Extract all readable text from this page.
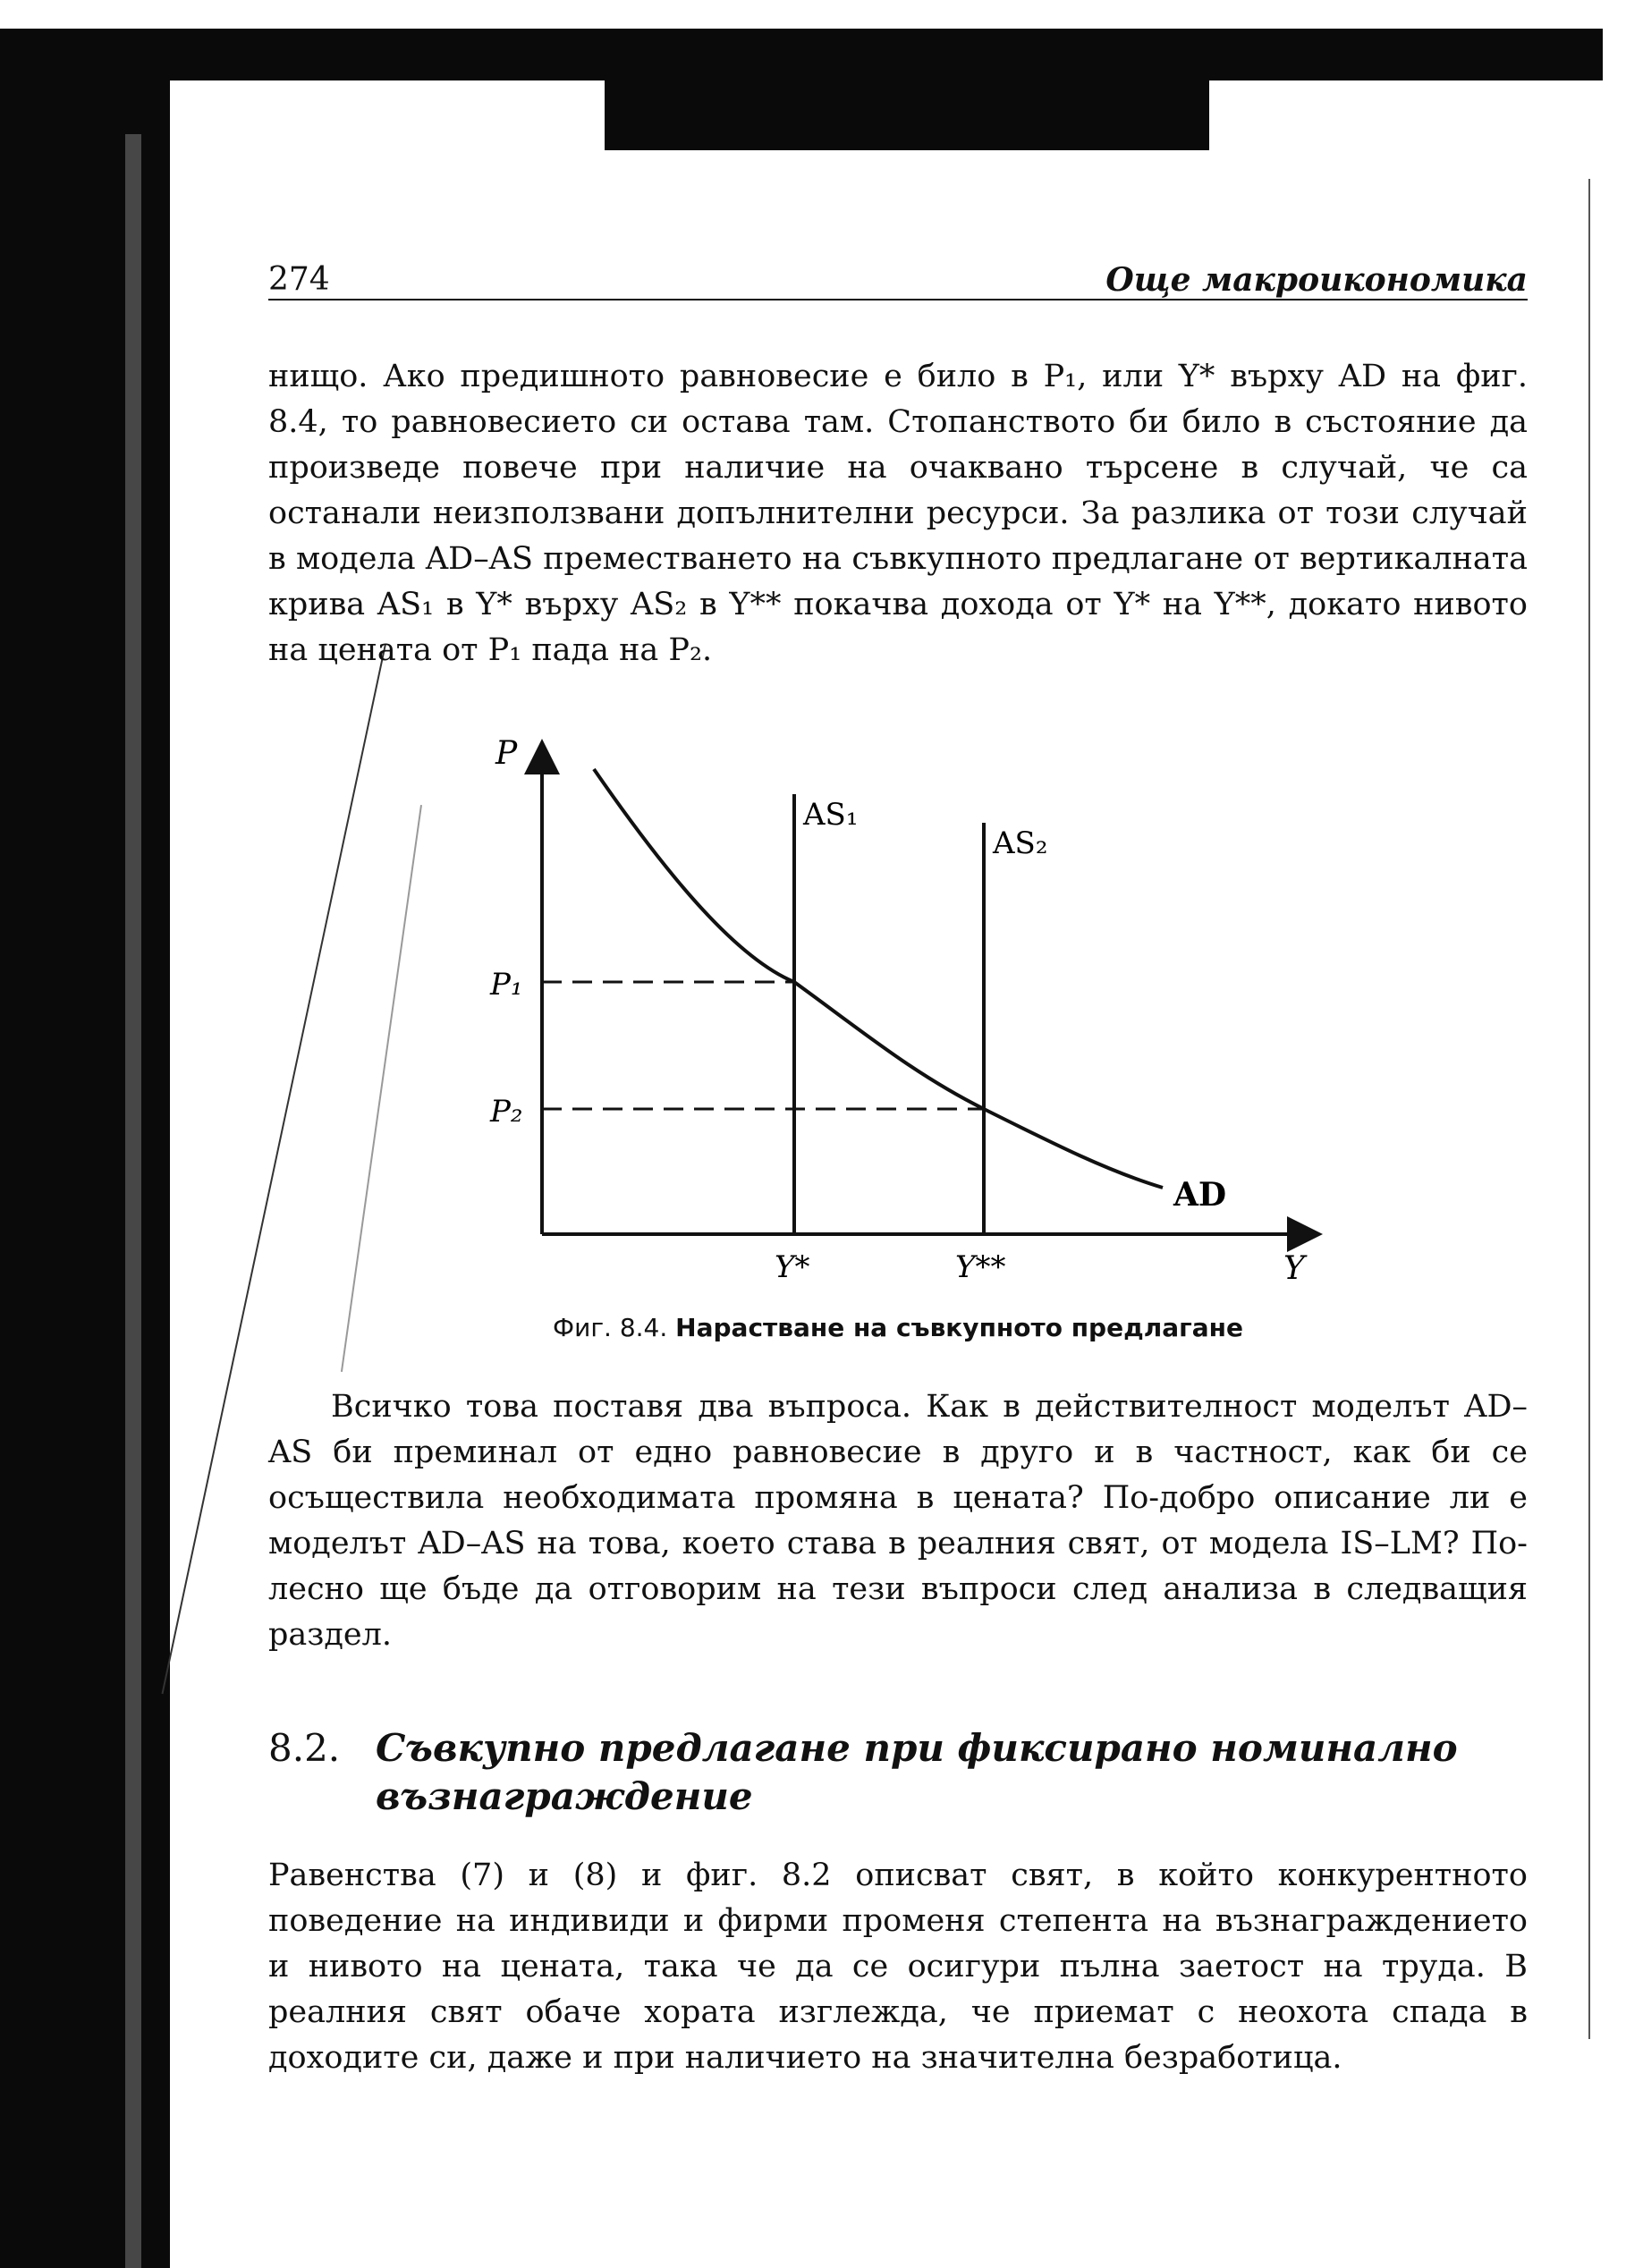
274	Още макроикономика
нищо. Ако предишното равновесие е било в P₁, или Y* върху AD на фиг. 8.4, то равновесието си остава там. Стопанството би било в състояние да произведе повече при наличие на очаквано търсене в случай, че са останали неизползвани допълнителни ресурси. За разлика от този случай в модела AD–AS преместването на съвкупното предлагане от вертикалната крива AS₁ в Y* върху AS₂ в Y** покачва дохода от Y* на Y**, докато нивото на цената от P₁ пада на P₂.
P
Y
AS₁
AS₂
AD
P₁
P₂
Y*	Y**
Фиг. 8.4. Нарастване на съвкупното предлагане
Всичко това поставя два въпроса. Как в действителност моделът AD–AS би преминал от едно равновесие в друго и в частност, как би се осъществила необходимата промяна в цената? По-добро описание ли е моделът AD–AS на това, което става в реалния свят, от модела IS–LM? По-лесно ще бъде да отговорим на тези въпроси след анализа в следващия раздел.
8.2. Съвкупно предлагане при фиксирано номинално възнаграждение
Равенства (7) и (8) и фиг. 8.2 описват свят, в който конкурентното поведение на индивиди и фирми променя степента на възнаграждението и нивото на цената, така че да се осигури пълна заетост на труда. В реалния свят обаче хората изглежда, че приемат с неохота спада в доходите си, даже и при наличието на значителна безработица.
